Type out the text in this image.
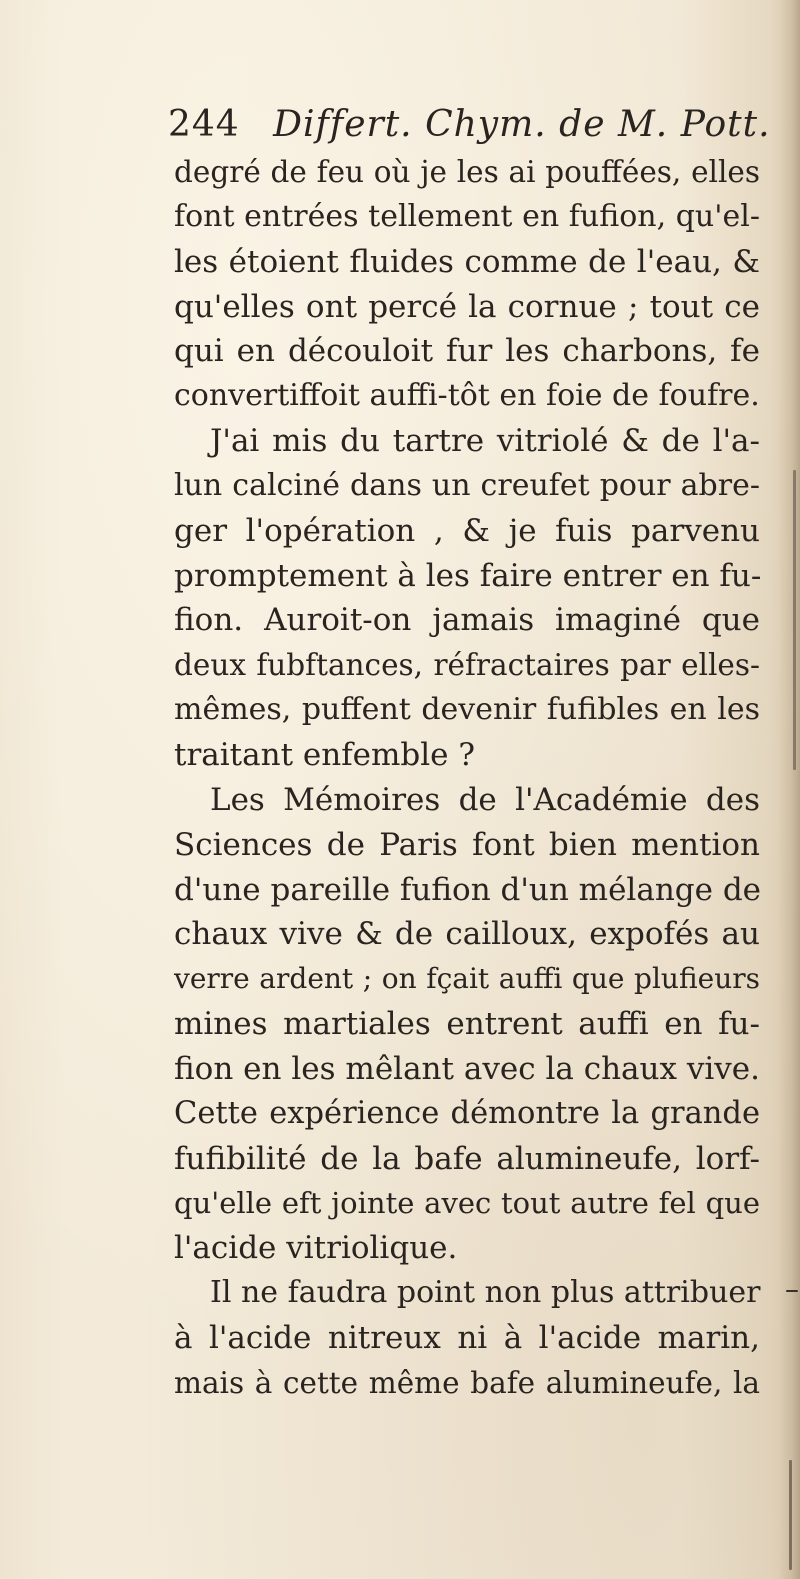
244 Differt. Chym. de M. Pott.
degré de feu où je les ai pouffées, elles
font entrées tellement en fufion, qu'el-
les étoient fluides comme de l'eau, &
qu'elles ont percé la cornue ; tout ce
qui en découloit fur les charbons, fe
convertiffoit auffi-tôt en foie de foufre.
J'ai mis du tartre vitriolé & de l'a-
lun calciné dans un creufet pour abre-
ger l'opération , & je fuis parvenu
promptement à les faire entrer en fu-
fion. Auroit-on jamais imaginé que
deux fubftances, réfractaires par elles-
mêmes, puffent devenir fufibles en les
traitant enfemble ?
Les Mémoires de l'Académie des
Sciences de Paris font bien mention
d'une pareille fufion d'un mélange de
chaux vive & de cailloux, expofés au
verre ardent ; on fçait auffi que plufieurs
mines martiales entrent auffi en fu-
fion en les mêlant avec la chaux vive.
Cette expérience démontre la grande
fufibilité de la bafe alumineufe, lorf-
qu'elle eft jointe avec tout autre fel que
l'acide vitriolique.
Il ne faudra point non plus attribuer
à l'acide nitreux ni à l'acide marin,
mais à cette même bafe alumineufe, la
